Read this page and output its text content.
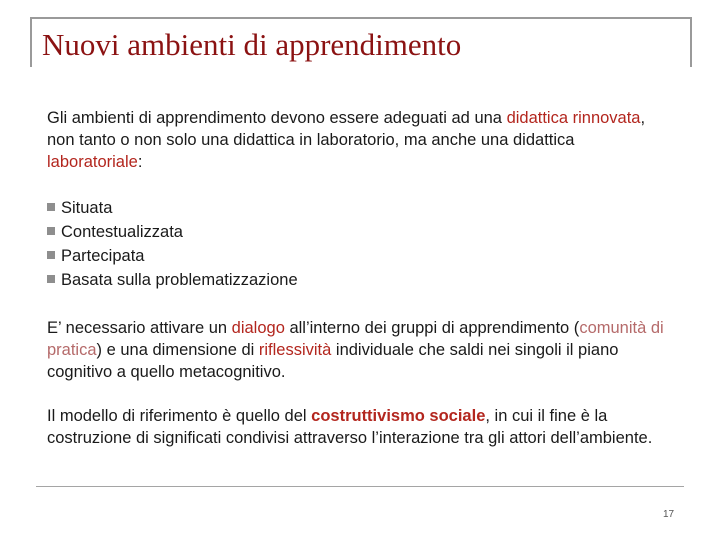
Nuovi ambienti di apprendimento

Gli ambienti di apprendimento devono essere adeguati ad una didattica rinnovata, non tanto o non solo una didattica in laboratorio, ma anche una didattica laboratoriale:

Situata
Contestualizzata
Partecipata
Basata sulla problematizzazione

E’ necessario attivare un dialogo all’interno dei gruppi di apprendimento (comunità di pratica) e una dimensione di riflessività individuale che saldi nei singoli il piano cognitivo a quello metacognitivo.

Il modello di riferimento è quello del costruttivismo sociale, in cui il fine è la costruzione di significati condivisi attraverso l’interazione tra gli attori dell’ambiente.

17
